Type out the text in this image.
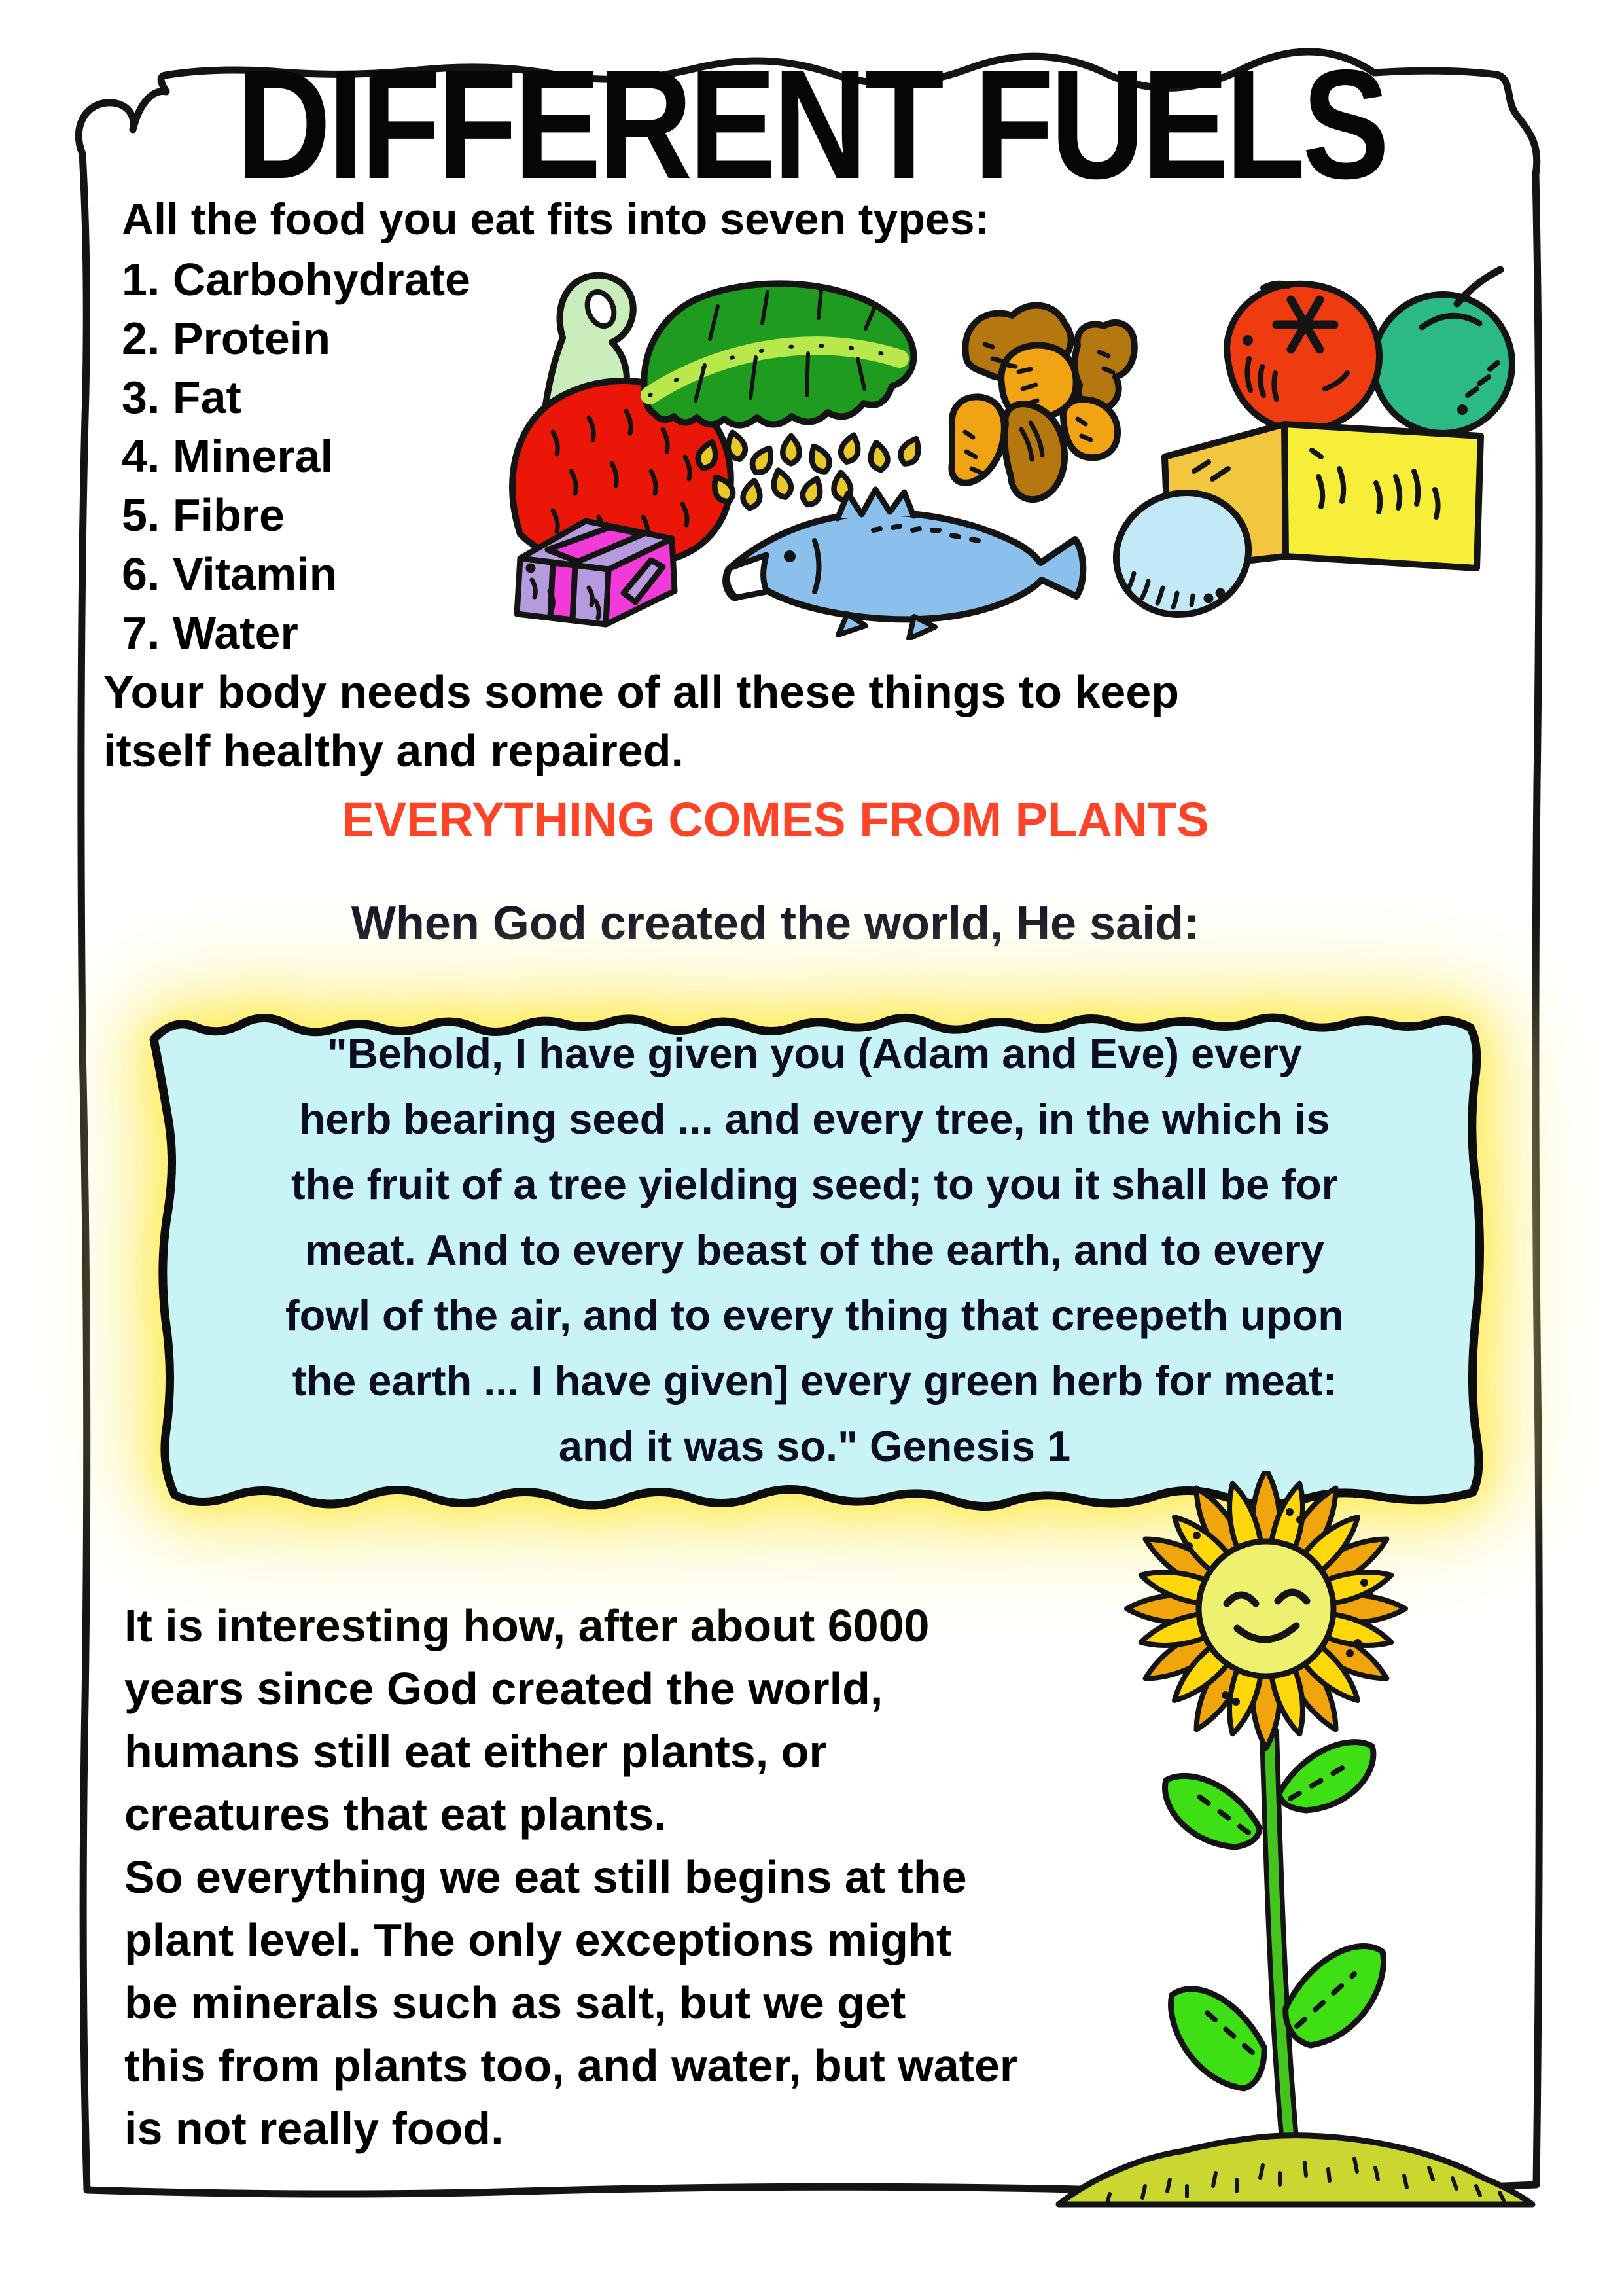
DIFFERENT FUELS
All the food you eat fits into seven types:
1. Carbohydrate
2. Protein
3. Fat
4. Mineral
5. Fibre
6. Vitamin
7. Water
Your body needs some of all these things to keep
itself healthy and repaired.
EVERYTHING COMES FROM PLANTS
When God created the world, He said:
"Behold, I have given you (Adam and Eve) every
herb bearing seed ... and every tree, in the which is
the fruit of a tree yielding seed; to you it shall be for
meat. And to every beast of the earth, and to every
fowl of the air, and to every thing that creepeth upon
the earth ... I have given] every green herb for meat:
and it was so." Genesis 1
It is interesting how, after about 6000
years since God created the world,
humans still eat either plants, or
creatures that eat plants.
So everything we eat still begins at the
plant level. The only exceptions might
be minerals such as salt, but we get
this from plants too, and water, but water
is not really food.
